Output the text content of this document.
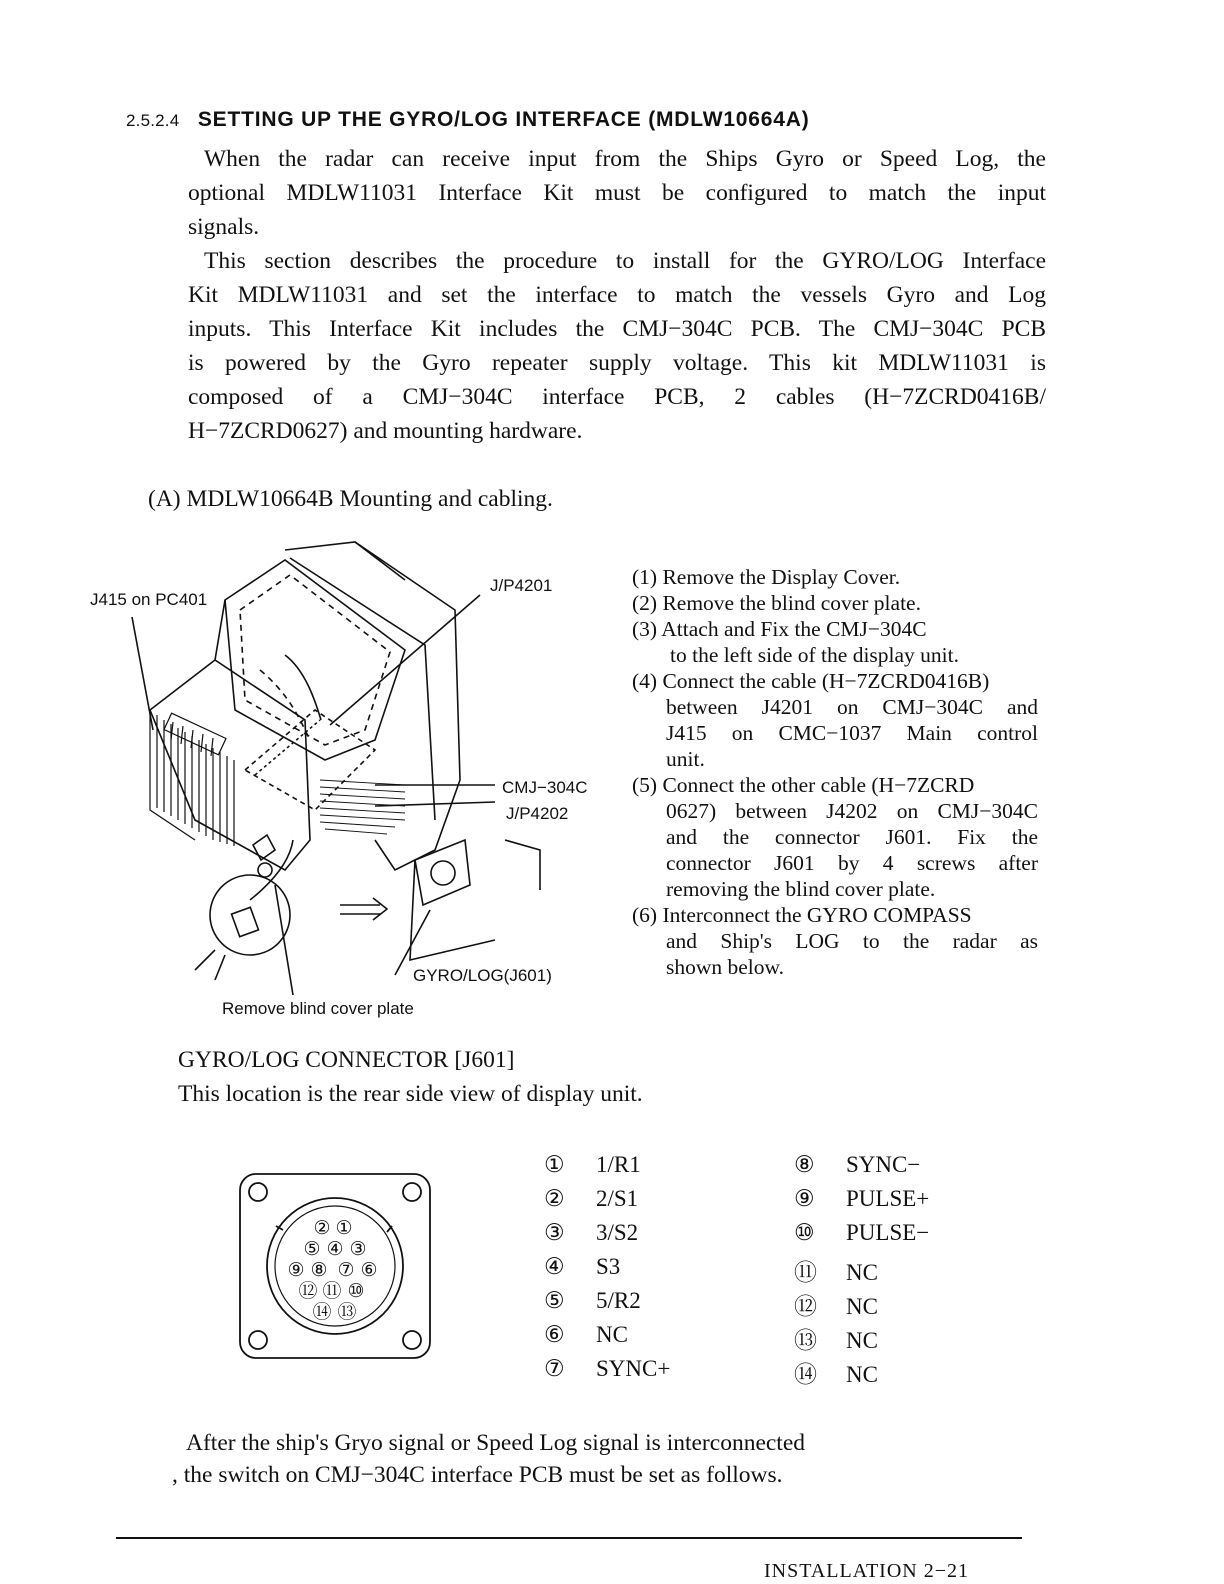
2.5.2.4 SETTING UP THE GYRO/LOG INTERFACE (MDLW10664A)
When the radar can receive input from the Ships Gyro or Speed Log, the
optional MDLW11031 Interface Kit must be configured to match the input
signals.
This section describes the procedure to install for the GYRO/LOG Interface
Kit MDLW11031 and set the interface to match the vessels Gyro and Log
inputs. This Interface Kit includes the CMJ−304C PCB. The CMJ−304C PCB
is powered by the Gyro repeater supply voltage. This kit MDLW11031 is
composed of a CMJ−304C interface PCB, 2 cables (H−7ZCRD0416B/
H−7ZCRD0627) and mounting hardware.
(A) MDLW10664B Mounting and cabling.
J415 on PC401
J/P4201
CMJ−304C
J/P4202
GYRO/LOG(J601)
Remove blind cover plate
(1) Remove the Display Cover.
(2) Remove the blind cover plate.
(3) Attach and Fix the CMJ−304C
to the left side of the display unit.
(4) Connect the cable (H−7ZCRD0416B)
between J4201 on CMJ−304C and
J415 on CMC−1037 Main control
unit.
(5) Connect the other cable (H−7ZCRD
0627) between J4202 on CMJ−304C
and the connector J601. Fix the
connector J601 by 4 screws after
removing the blind cover plate.
(6) Interconnect the GYRO COMPASS
and Ship's LOG to the radar as
shown below.
GYRO/LOG CONNECTOR [J601]
This location is the rear side view of display unit.
② ①
⑤ ④ ③
⑨ ⑧ ⑦ ⑥
⑫ ⑪ ⑩
⑭ ⑬
① 1/R1
② 2/S1
③ 3/S2
④ S3
⑤ 5/R2
⑥ NC
⑦ SYNC+
⑧ SYNC−
⑨ PULSE+
⑩ PULSE−
⑪ NC
⑫ NC
⑬ NC
⑭ NC
After the ship's Gryo signal or Speed Log signal is interconnected
, the switch on CMJ−304C interface PCB must be set as follows.
INSTALLATION 2−21
